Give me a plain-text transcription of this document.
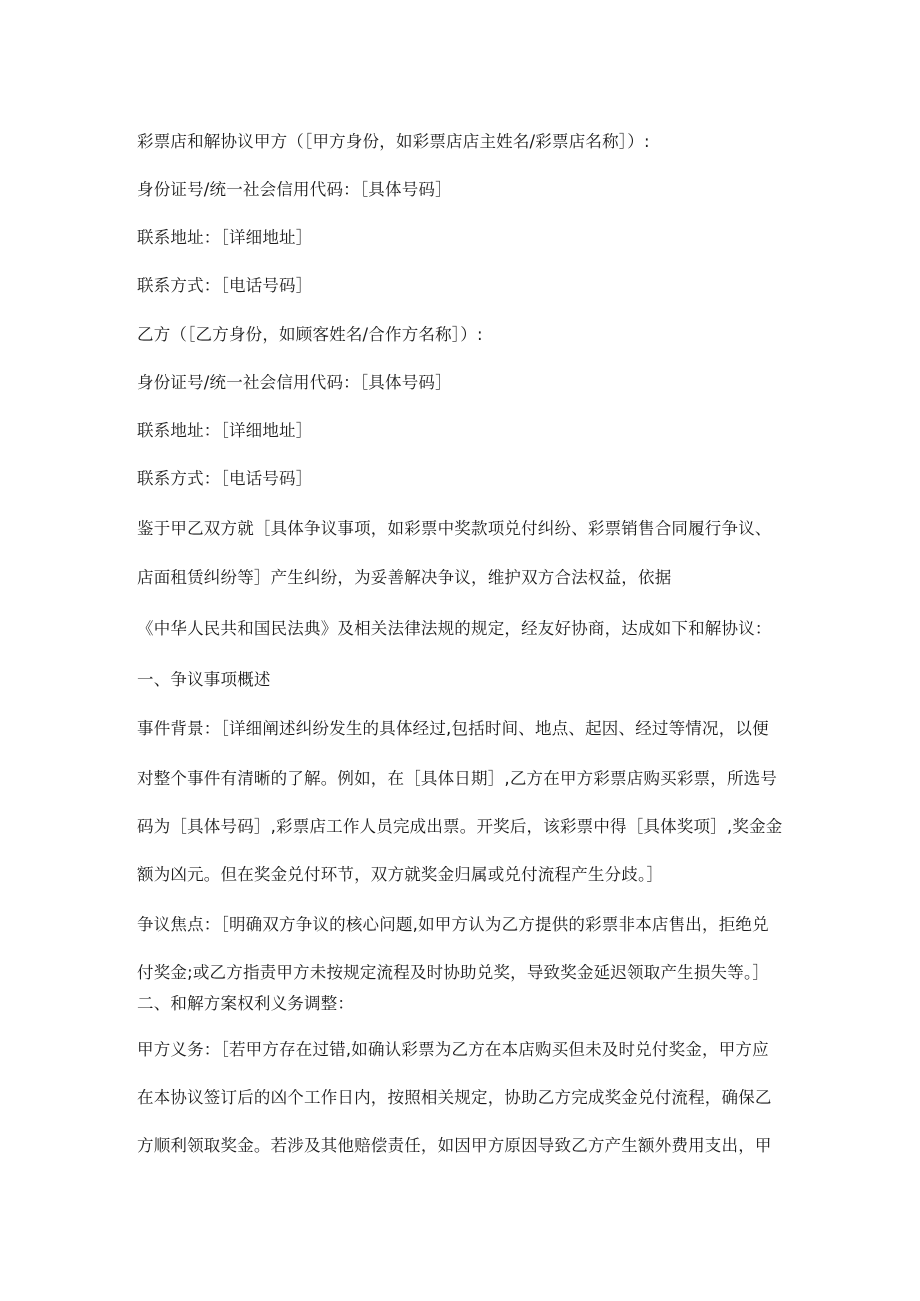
彩票店和解协议甲方（［甲方身份，如彩票店店主姓名/彩票店名称］）:
身份证号/统一社会信用代码：［具体号码］
联系地址：［详细地址］
联系方式：［电话号码］
乙方（［乙方身份，如顾客姓名/合作方名称］）:
身份证号/统一社会信用代码：［具体号码］
联系地址：［详细地址］
联系方式：［电话号码］
鉴于甲乙双方就［具体争议事项，如彩票中奖款项兑付纠纷、彩票销售合同履行争议、
店面租赁纠纷等］产生纠纷，为妥善解决争议，维护双方合法权益，依据
《中华人民共和国民法典》及相关法律法规的规定，经友好协商，达成如下和解协议：
一、争议事项概述
事件背景：［详细阐述纠纷发生的具体经过,包括时间、地点、起因、经过等情况，以便
对整个事件有清晰的了解。例如，在［具体日期］,乙方在甲方彩票店购买彩票，所选号
码为［具体号码］,彩票店工作人员完成出票。开奖后，该彩票中得［具体奖项］,奖金金
额为凶元。但在奖金兑付环节，双方就奖金归属或兑付流程产生分歧。］
争议焦点：［明确双方争议的核心问题,如甲方认为乙方提供的彩票非本店售出，拒绝兑
付奖金;或乙方指责甲方未按规定流程及时协助兑奖，导致奖金延迟领取产生损失等。］
二、和解方案权利义务调整：
甲方义务：［若甲方存在过错,如确认彩票为乙方在本店购买但未及时兑付奖金，甲方应
在本协议签订后的凶个工作日内，按照相关规定，协助乙方完成奖金兑付流程，确保乙
方顺利领取奖金。若涉及其他赔偿责任，如因甲方原因导致乙方产生额外费用支出，甲
